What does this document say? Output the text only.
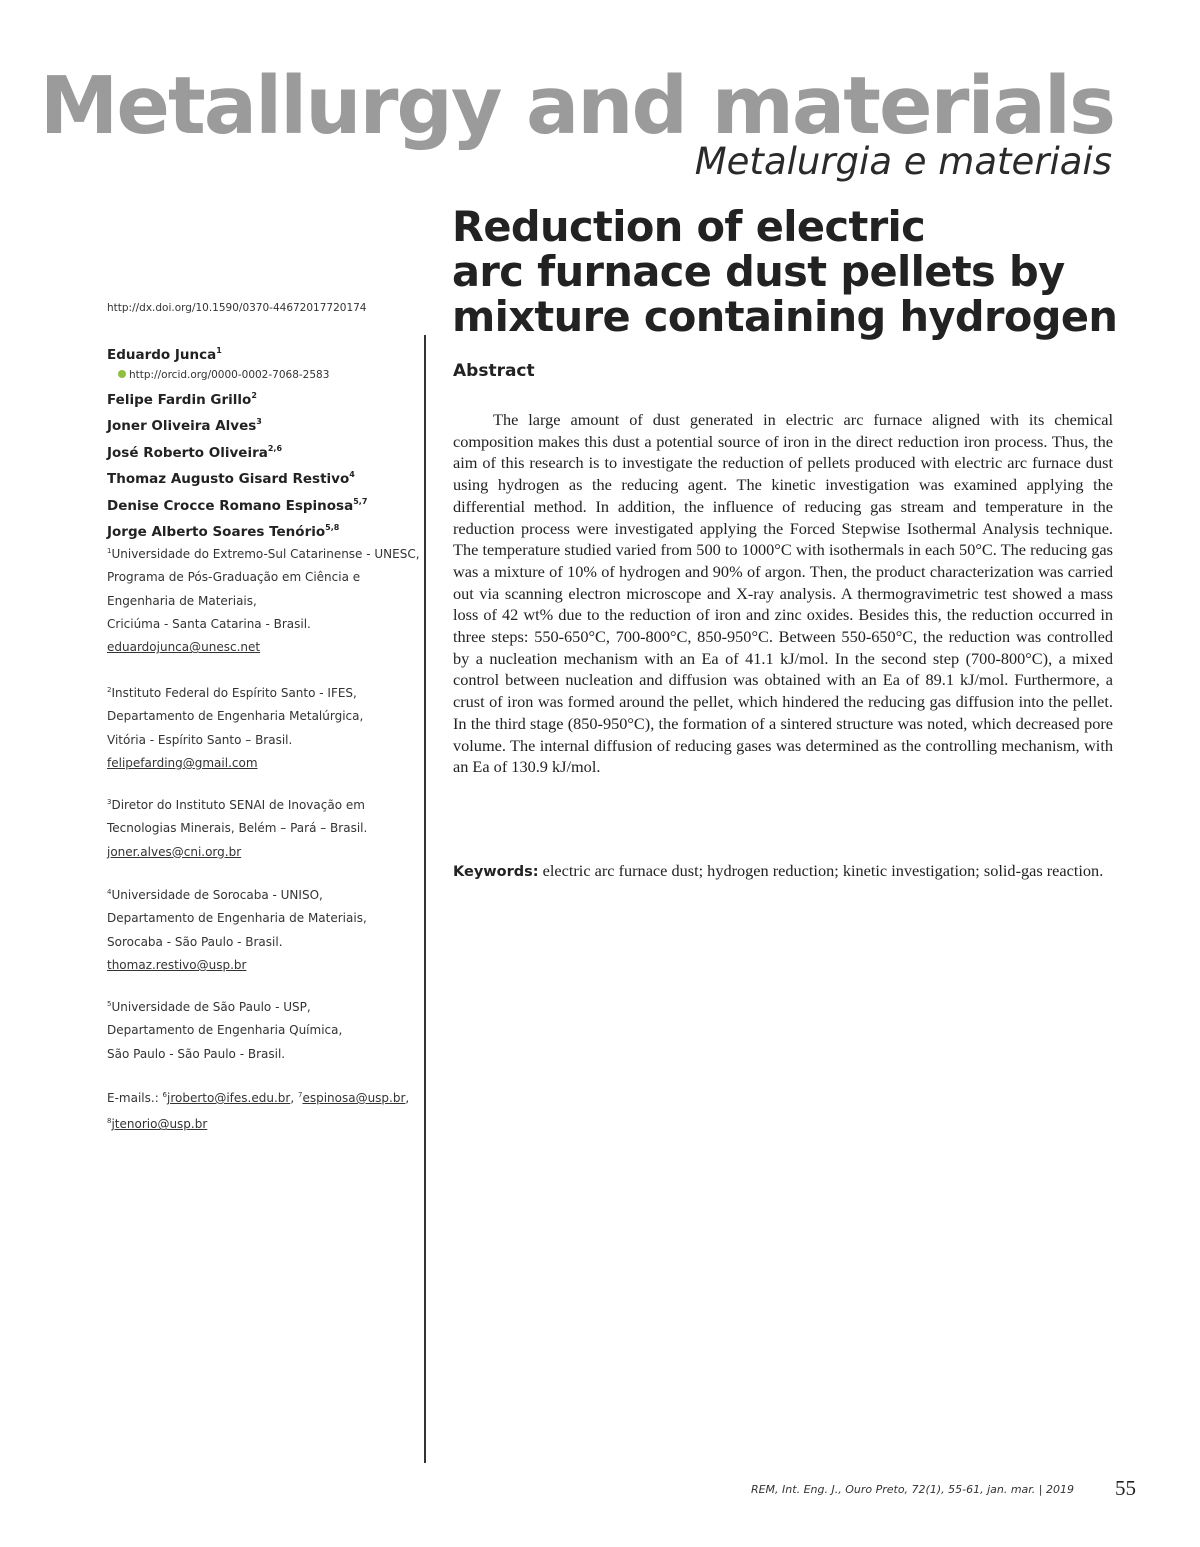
Metallurgy and materials
Metalurgia e materiais
Reduction of electric
arc furnace dust pellets by
mixture containing hydrogen
http://dx.doi.org/10.1590/0370-44672017720174
Eduardo Junca$^1$
http://orcid.org/0000-0002-7068-2583
Felipe Fardin Grillo$^2$
Joner Oliveira Alves$^3$
José Roberto Oliveira$^{2,6}$
Thomaz Augusto Gisard Restivo$^4$
Denise Crocce Romano Espinosa$^{5,7}$
Jorge Alberto Soares Tenório$^{5,8}$
$^1$Universidade do Extremo-Sul Catarinense - UNESC,
Programa de Pós-Graduação em Ciência e
Engenharia de Materiais,
Criciúma - Santa Catarina - Brasil.
eduardojunca@unesc.net
$^2$Instituto Federal do Espírito Santo - IFES,
Departamento de Engenharia Metalúrgica,
Vitória - Espírito Santo – Brasil.
felipefarding@gmail.com
$^3$Diretor do Instituto SENAI de Inovação em
Tecnologias Minerais, Belém – Pará – Brasil.
joner.alves@cni.org.br
$^4$Universidade de Sorocaba - UNISO,
Departamento de Engenharia de Materiais,
Sorocaba - São Paulo - Brasil.
thomaz.restivo@usp.br
$^5$Universidade de São Paulo - USP,
Departamento de Engenharia Química,
São Paulo - São Paulo - Brasil.
E-mails.: $^6$jroberto@ifes.edu.br, $^7$espinosa@usp.br,
$^8$jtenorio@usp.br
Abstract

The large amount of dust generated in electric arc furnace aligned with its chemical composition makes this dust a potential source of iron in the direct reduction iron process. Thus, the aim of this research is to investigate the reduction of pellets produced with electric arc furnace dust using hydrogen as the reducing agent. The kinetic investigation was examined applying the differential method. In addition, the influence of reducing gas stream and temperature in the reduction process were investigated applying the Forced Stepwise Isothermal Analysis technique. The temperature studied varied from 500 to 1000°C with isothermals in each 50°C. The reducing gas was a mixture of 10% of hydrogen and 90% of argon. Then, the product characterization was carried out via scanning electron microscope and X-ray analysis. A thermogravimetric test showed a mass loss of 42 wt% due to the reduction of iron and zinc oxides. Besides this, the reduction occurred in three steps: 550-650°C, 700-800°C, 850-950°C. Between 550-650°C, the reduction was controlled by a nucleation mechanism with an Ea of 41.1 kJ/mol. In the second step (700-800°C), a mixed control between nucleation and diffusion was obtained with an Ea of 89.1 kJ/mol. Furthermore, a crust of iron was formed around the pellet, which hindered the reducing gas diffusion into the pellet. In the third stage (850-950°C), the formation of a sintered structure was noted, which decreased pore volume. The internal diffusion of reducing gases was determined as the controlling mechanism, with an Ea of 130.9 kJ/mol.

Keywords: electric arc furnace dust; hydrogen reduction; kinetic investigation; solid-gas reaction.

REM, Int. Eng. J., Ouro Preto, 72(1), 55-61, jan. mar. | 2019 55
